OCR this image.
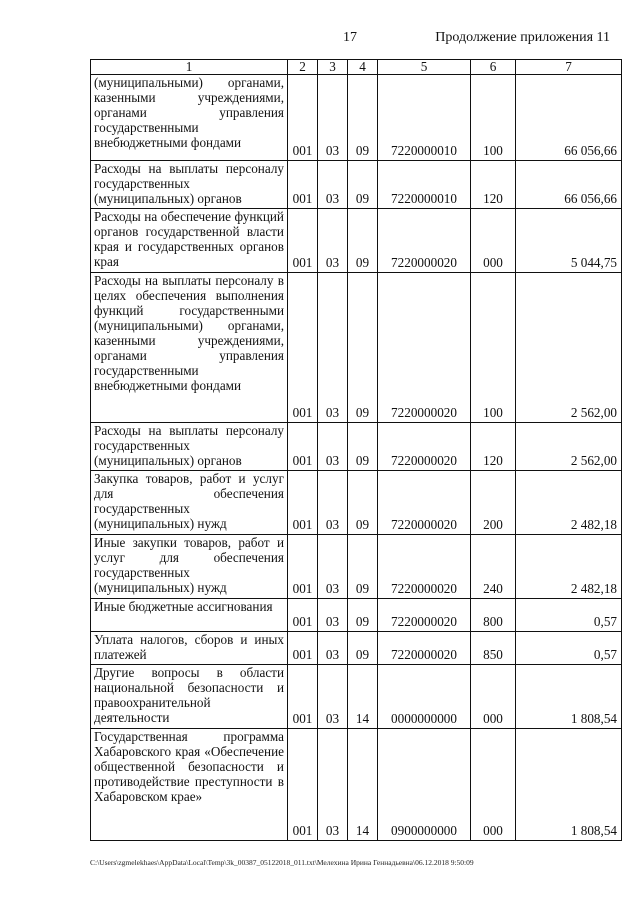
17	Продолжение приложения 11
1	2	3	4	5	6	7
(муниципальными) органами, казенными учреждениями, органами управления государственными внебюджетными фондами	001	03	09	7220000010	100	66 056,66
Расходы на выплаты персоналу государственных (муниципальных) органов	001	03	09	7220000010	120	66 056,66
Расходы на обеспечение функций органов государственной власти края и государственных органов края	001	03	09	7220000020	000	5 044,75
Расходы на выплаты персоналу в целях обеспечения выполнения функций государственными (муниципальными) органами, казенными учреждениями, органами управления государственными внебюджетными фондами	001	03	09	7220000020	100	2 562,00
Расходы на выплаты персоналу государственных (муниципальных) органов	001	03	09	7220000020	120	2 562,00
Закупка товаров, работ и услуг для обеспечения государственных (муниципальных) нужд	001	03	09	7220000020	200	2 482,18
Иные закупки товаров, работ и услуг для обеспечения государственных (муниципальных) нужд	001	03	09	7220000020	240	2 482,18
Иные бюджетные ассигнования	001	03	09	7220000020	800	0,57
Уплата налогов, сборов и иных платежей	001	03	09	7220000020	850	0,57
Другие вопросы в области национальной безопасности и правоохранительной деятельности	001	03	14	0000000000	000	1 808,54
Государственная программа Хабаровского края «Обеспечение общественной безопасности и противодействие преступности в Хабаровском крае»	001	03	14	0900000000	000	1 808,54
C:\Users\zgmelekhaes\AppData\Local\Temp\3k_00387_05122018_011.txt\Мелехина Ирина Геннадьевна\06.12.2018 9:50:09
